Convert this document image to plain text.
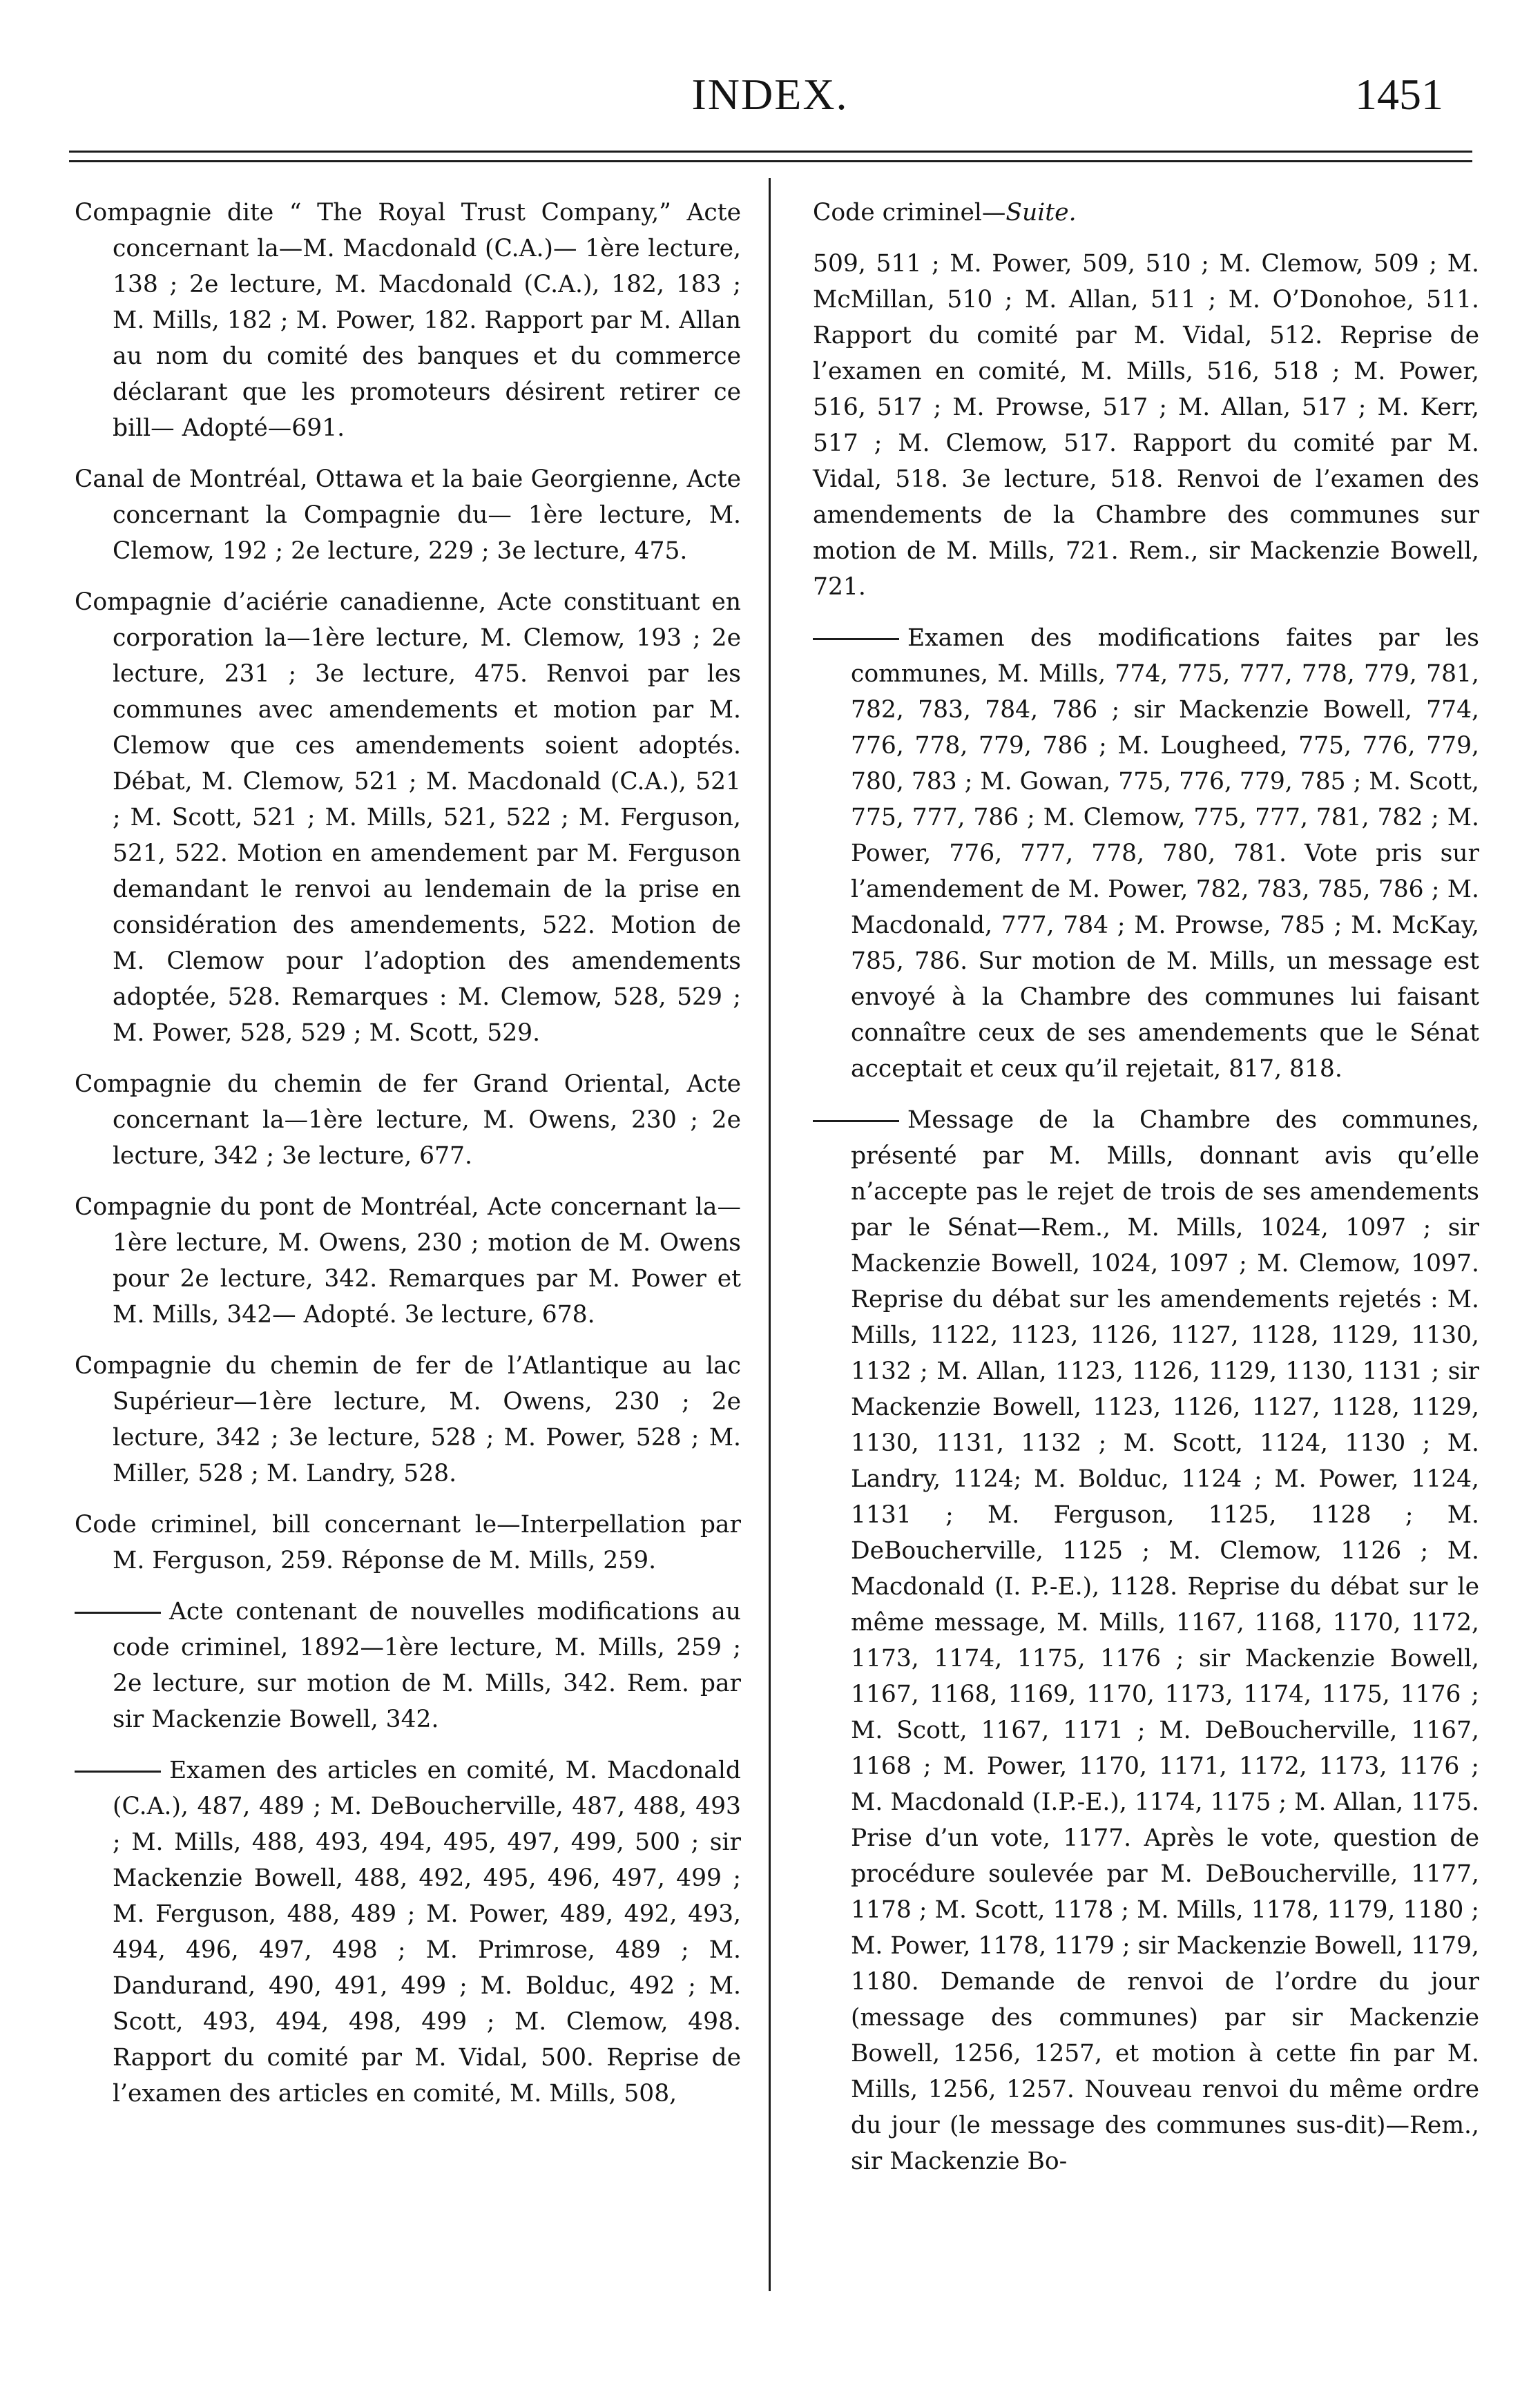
INDEX.	1451

Compagnie dite “ The Royal Trust Company,” Acte concernant la—M. Macdonald (C.A.)— 1ère lecture, 138 ; 2e lecture, M. Macdonald (C.A.), 182, 183 ; M. Mills, 182 ; M. Power, 182. Rapport par M. Allan au nom du comité des banques et du commerce déclarant que les promoteurs désirent retirer ce bill— Adopté—691.

Canal de Montréal, Ottawa et la baie Georgienne, Acte concernant la Compagnie du— 1ère lecture, M. Clemow, 192 ; 2e lecture, 229 ; 3e lecture, 475.

Compagnie d’aciérie canadienne, Acte constituant en corporation la—1ère lecture, M. Clemow, 193 ; 2e lecture, 231 ; 3e lecture, 475. Renvoi par les communes avec amendements et motion par M. Clemow que ces amendements soient adoptés. Débat, M. Clemow, 521 ; M. Macdonald (C.A.), 521 ; M. Scott, 521 ; M. Mills, 521, 522 ; M. Ferguson, 521, 522. Motion en amendement par M. Ferguson demandant le renvoi au lendemain de la prise en considération des amendements, 522. Motion de M. Clemow pour l’adoption des amendements adoptée, 528. Remarques : M. Clemow, 528, 529 ; M. Power, 528, 529 ; M. Scott, 529.

Compagnie du chemin de fer Grand Oriental, Acte concernant la—1ère lecture, M. Owens, 230 ; 2e lecture, 342 ; 3e lecture, 677.

Compagnie du pont de Montréal, Acte concernant la—1ère lecture, M. Owens, 230 ; motion de M. Owens pour 2e lecture, 342. Remarques par M. Power et M. Mills, 342— Adopté. 3e lecture, 678.

Compagnie du chemin de fer de l’Atlantique au lac Supérieur—1ère lecture, M. Owens, 230 ; 2e lecture, 342 ; 3e lecture, 528 ; M. Power, 528 ; M. Miller, 528 ; M. Landry, 528.

Code criminel, bill concernant le—Interpellation par M. Ferguson, 259. Réponse de M. Mills, 259.

Acte contenant de nouvelles modifications au code criminel, 1892—1ère lecture, M. Mills, 259 ; 2e lecture, sur motion de M. Mills, 342. Rem. par sir Mackenzie Bowell, 342.

Examen des articles en comité, M. Macdonald (C.A.), 487, 489 ; M. DeBoucherville, 487, 488, 493 ; M. Mills, 488, 493, 494, 495, 497, 499, 500 ; sir Mackenzie Bowell, 488, 492, 495, 496, 497, 499 ; M. Ferguson, 488, 489 ; M. Power, 489, 492, 493, 494, 496, 497, 498 ; M. Primrose, 489 ; M. Dandurand, 490, 491, 499 ; M. Bolduc, 492 ; M. Scott, 493, 494, 498, 499 ; M. Clemow, 498. Rapport du comité par M. Vidal, 500. Reprise de l’examen des articles en comité, M. Mills, 508,

Code criminel—Suite.

509, 511 ; M. Power, 509, 510 ; M. Clemow, 509 ; M. McMillan, 510 ; M. Allan, 511 ; M. O’Donohoe, 511. Rapport du comité par M. Vidal, 512. Reprise de l’examen en comité, M. Mills, 516, 518 ; M. Power, 516, 517 ; M. Prowse, 517 ; M. Allan, 517 ; M. Kerr, 517 ; M. Clemow, 517. Rapport du comité par M. Vidal, 518. 3e lecture, 518. Renvoi de l’examen des amendements de la Chambre des communes sur motion de M. Mills, 721. Rem., sir Mackenzie Bowell, 721.

Examen des modifications faites par les communes, M. Mills, 774, 775, 777, 778, 779, 781, 782, 783, 784, 786 ; sir Mackenzie Bowell, 774, 776, 778, 779, 786 ; M. Lougheed, 775, 776, 779, 780, 783 ; M. Gowan, 775, 776, 779, 785 ; M. Scott, 775, 777, 786 ; M. Clemow, 775, 777, 781, 782 ; M. Power, 776, 777, 778, 780, 781. Vote pris sur l’amendement de M. Power, 782, 783, 785, 786 ; M. Macdonald, 777, 784 ; M. Prowse, 785 ; M. McKay, 785, 786. Sur motion de M. Mills, un message est envoyé à la Chambre des communes lui faisant connaître ceux de ses amendements que le Sénat acceptait et ceux qu’il rejetait, 817, 818.

Message de la Chambre des communes, présenté par M. Mills, donnant avis qu’elle n’accepte pas le rejet de trois de ses amendements par le Sénat—Rem., M. Mills, 1024, 1097 ; sir Mackenzie Bowell, 1024, 1097 ; M. Clemow, 1097. Reprise du débat sur les amendements rejetés : M. Mills, 1122, 1123, 1126, 1127, 1128, 1129, 1130, 1132 ; M. Allan, 1123, 1126, 1129, 1130, 1131 ; sir Mackenzie Bowell, 1123, 1126, 1127, 1128, 1129, 1130, 1131, 1132 ; M. Scott, 1124, 1130 ; M. Landry, 1124; M. Bolduc, 1124 ; M. Power, 1124, 1131 ; M. Ferguson, 1125, 1128 ; M. DeBoucherville, 1125 ; M. Clemow, 1126 ; M. Macdonald (I. P.-E.), 1128. Reprise du débat sur le même message, M. Mills, 1167, 1168, 1170, 1172, 1173, 1174, 1175, 1176 ; sir Mackenzie Bowell, 1167, 1168, 1169, 1170, 1173, 1174, 1175, 1176 ; M. Scott, 1167, 1171 ; M. DeBoucherville, 1167, 1168 ; M. Power, 1170, 1171, 1172, 1173, 1176 ; M. Macdonald (I.P.-E.), 1174, 1175 ; M. Allan, 1175. Prise d’un vote, 1177. Après le vote, question de procédure soulevée par M. DeBoucherville, 1177, 1178 ; M. Scott, 1178 ; M. Mills, 1178, 1179, 1180 ; M. Power, 1178, 1179 ; sir Mackenzie Bowell, 1179, 1180. Demande de renvoi de l’ordre du jour (message des communes) par sir Mackenzie Bowell, 1256, 1257, et motion à cette fin par M. Mills, 1256, 1257. Nouveau renvoi du même ordre du jour (le message des communes sus-dit)—Rem., sir Mackenzie Bo-
